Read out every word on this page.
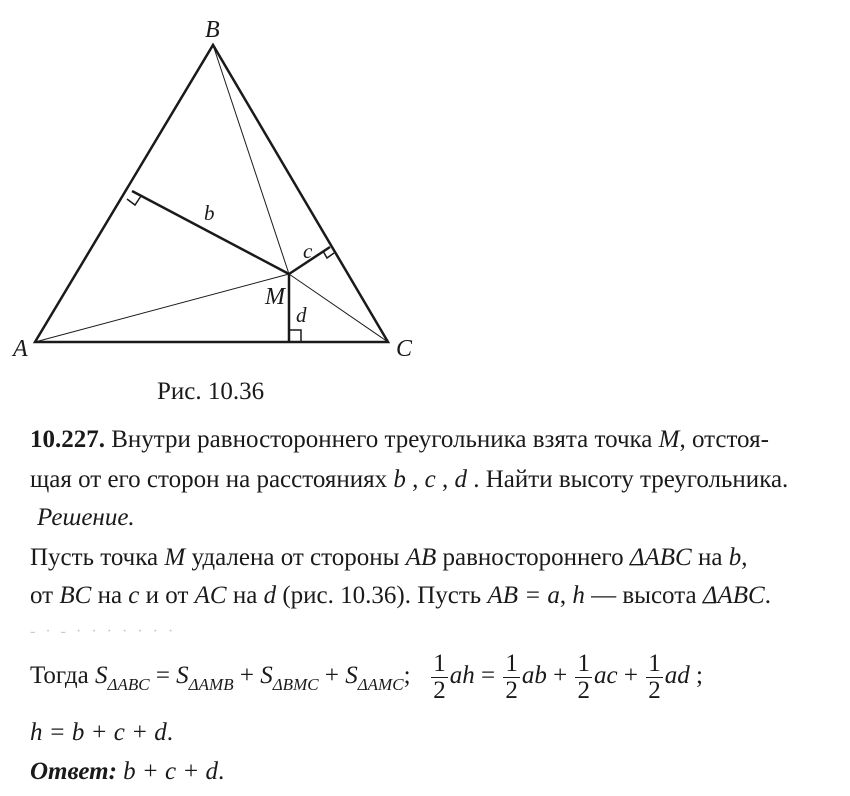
A
B
C
M
b
c
d
Рис. 10.36
10.227. Внутри равностороннего треугольника взята точка M, отстоя-
щая от его сторон на расстояниях b , c , d . Найти высоту треугольника.
Решение.
Пусть точка M удалена от стороны AB равностороннего ΔABC на b,
от BC на c и от AC на d (рис. 10.36). Пусть AB = a, h — высота ΔABC.
- · - · · · · · · ·
Тогда $S_{\Delta ABC} = S_{\Delta AMB} + S_{\Delta BMC} + S_{\Delta AMC}$; $\frac{1}{2}$ ah = $\frac{1}{2}$ ab + $\frac{1}{2}$ ac + $\frac{1}{2}$ ad ;
h = b + c + d.
Ответ: b + c + d.
